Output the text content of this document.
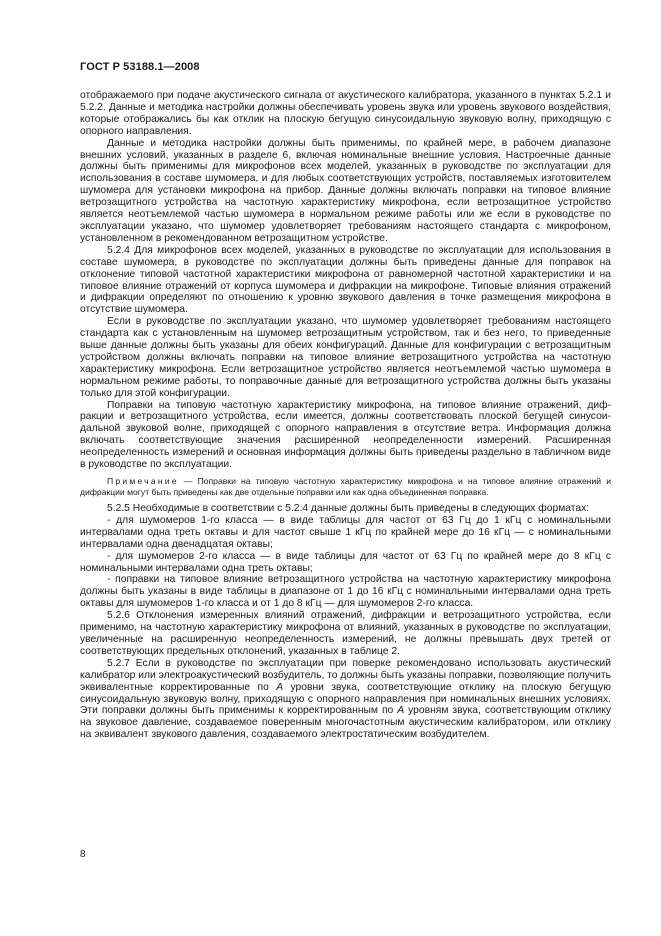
ГОСТ Р 53188.1—2008

отображаемого при подаче акустического сигнала от акустического калибратора, указанного в пунктах 5.2.1 и 5.2.2. Данные и методика настройки должны обеспечивать уровень звука или уровень звукового воздействия, которые отображались бы как отклик на плоскую бегущую синусоидальную звуковую волну, приходящую с опорного направления.

Данные и методика настройки должны быть применимы, по крайней мере, в рабочем диапазоне внешних условий, указанных в разделе 6, включая номинальные внешние условия. Настроечные данные должны быть применимы для микрофонов всех моделей, указанных в руководстве по эксплуатации для использования в составе шумомера, и для любых соответствующих устройств, поставляемых изготовителем шумомера для установки микрофона на прибор. Данные должны включать поправки на типовое влияние ветрозащитного устройства на частотную характеристику микрофона, если ветрозащитное устройство является неотъемлемой частью шумомера в нормальном режиме работы или же если в руководстве по эксплуатации указано, что шумомер удовлетворяет требованиям настоящего стандарта с микрофоном, установленном в рекомендованном ветрозащитном устройстве.

5.2.4 Для микрофонов всех моделей, указанных в руководстве по эксплуатации для использования в составе шумомера, в руководстве по эксплуатации должны быть приведены данные для поправок на отклонение типовой частотной характеристики микрофона от равномерной частотной характеристики и на типовое влияние отражений от корпуса шумомера и дифракции на микрофоне. Типовые влияния отражений и дифракции определяют по отношению к уровню звукового давления в точке размещения микрофона в отсутствие шумомера.

Если в руководстве по эксплуатации указано, что шумомер удовлетворяет требованиям настоящего стандарта как с установленным на шумомер ветрозащитным устройством, так и без него, то приведенные выше данные должны быть указаны для обеих конфигураций. Данные для конфигурации с ветрозащитным устройством должны включать поправки на типовое влияние ветрозащитного устройства на частотную характеристику микрофона. Если ветрозащитное устройство является неотъемлемой частью шумомера в нормальном режиме работы, то поправочные данные для ветрозащитного устройства должны быть указаны только для этой конфигурации.

Поправки на типовую частотную характеристику микрофона, на типовое влияние отражений, дифракции и ветрозащитного устройства, если имеется, должны соответствовать плоской бегущей синусоидальной звуковой волне, приходящей с опорного направления в отсутствие ветра. Информация должна включать соответствующие значения расширенной неопределенности измерений. Расширенная неопределенность измерений и основная информация должны быть приведены раздельно в табличном виде в руководстве по эксплуатации.

Примечание — Поправки на типовую частотную характеристику микрофона и на типовое влияние отражений и дифракции могут быть приведены как две отдельные поправки или как одна объединенная поправка.

5.2.5 Необходимые в соответствии с 5.2.4 данные должны быть приведены в следующих форматах:

- для шумомеров 1-го класса — в виде таблицы для частот от 63 Гц до 1 кГц с номинальными интервалами одна треть октавы и для частот свыше 1 кГц по крайней мере до 16 кГц — с номинальными интервалами одна двенадцатая октавы;

- для шумомеров 2-го класса — в виде таблицы для частот от 63 Гц по крайней мере до 8 кГц с номинальными интервалами одна треть октавы;

- поправки на типовое влияние ветрозащитного устройства на частотную характеристику микрофона должны быть указаны в виде таблицы в диапазоне от 1 до 16 кГц с номинальными интервалами одна треть октавы для шумомеров 1-го класса и от 1 до 8 кГц — для шумомеров 2-го класса.

5.2.6 Отклонения измеренных влияний отражений, дифракции и ветрозащитного устройства, если применимо, на частотную характеристику микрофона от влияний, указанных в руководстве по эксплуатации, увеличенные на расширенную неопределенность измерений, не должны превышать двух третей от соответствующих предельных отклонений, указанных в таблице 2.

5.2.7 Если в руководстве по эксплуатации при поверке рекомендовано использовать акустический калибратор или электроакустический возбудитель, то должны быть указаны поправки, позволяющие получить эквивалентные корректированные по A уровни звука, соответствующие отклику на плоскую бегущую синусоидальную звуковую волну, приходящую с опорного направления при номинальных внешних условиях. Эти поправки должны быть применимы к корректированным по A уровням звука, соответствующим отклику на звуковое давление, создаваемое поверенным многочастотным акустическим калибратором, или отклику на эквивалент звукового давления, создаваемого электростатическим возбудителем.

8
